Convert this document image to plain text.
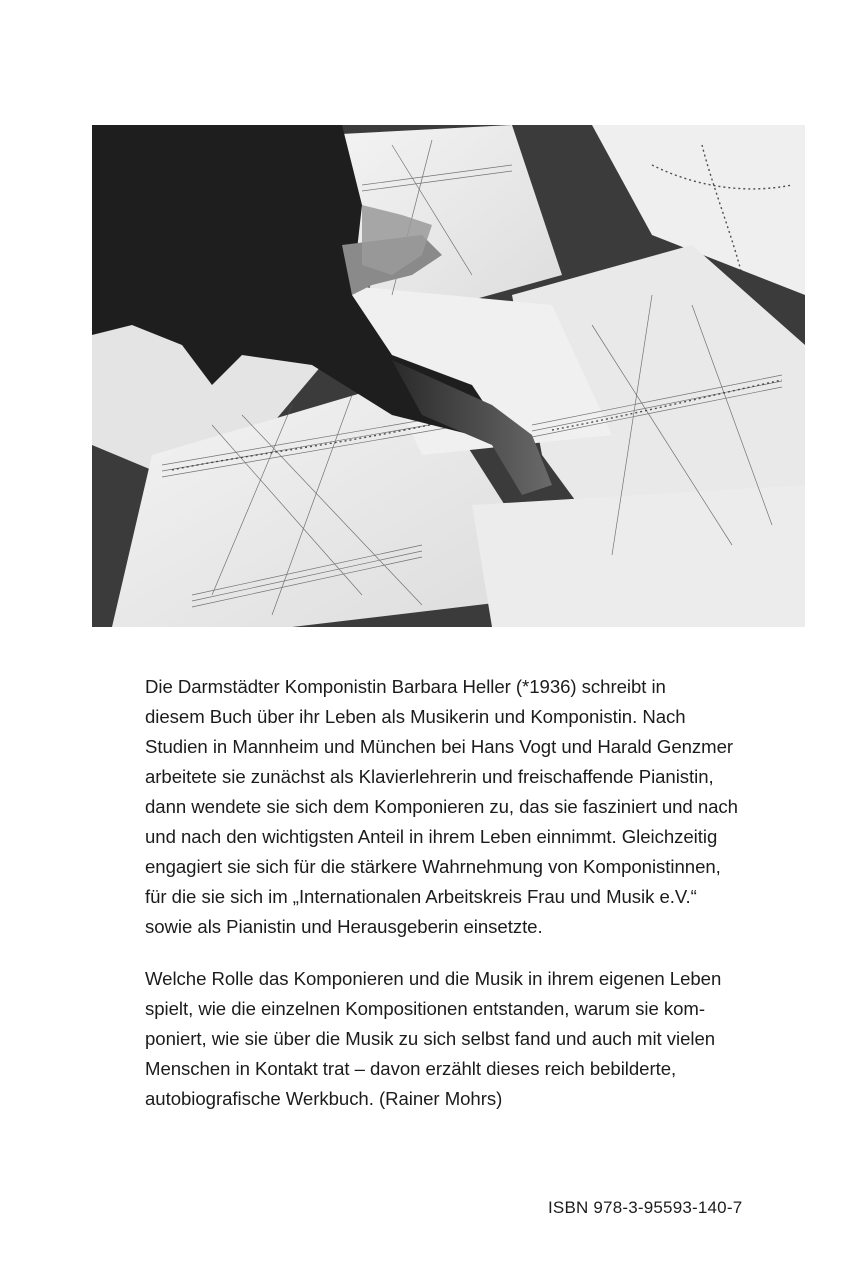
Die Darmstädter Komponistin Barbara Heller (*1936) schreibt in
diesem Buch über ihr Leben als Musikerin und Komponistin. Nach
Studien in Mannheim und München bei Hans Vogt und Harald Genzmer
arbeitete sie zunächst als Klavierlehrerin und freischaffende Pianistin,
dann wendete sie sich dem Komponieren zu, das sie fasziniert und nach
und nach den wichtigsten Anteil in ihrem Leben einnimmt. Gleichzeitig
engagiert sie sich für die stärkere Wahrnehmung von Komponistinnen,
für die sie sich im „Internationalen Arbeitskreis Frau und Musik e.V.“
sowie als Pianistin und Herausgeberin einsetzte.

Welche Rolle das Komponieren und die Musik in ihrem eigenen Leben
spielt, wie die einzelnen Kompositionen entstanden, warum sie kom-
poniert, wie sie über die Musik zu sich selbst fand und auch mit vielen
Menschen in Kontakt trat – davon erzählt dieses reich bebilderte,
autobiografische Werkbuch. (Rainer Mohrs)

ISBN 978-3-95593-140-7
